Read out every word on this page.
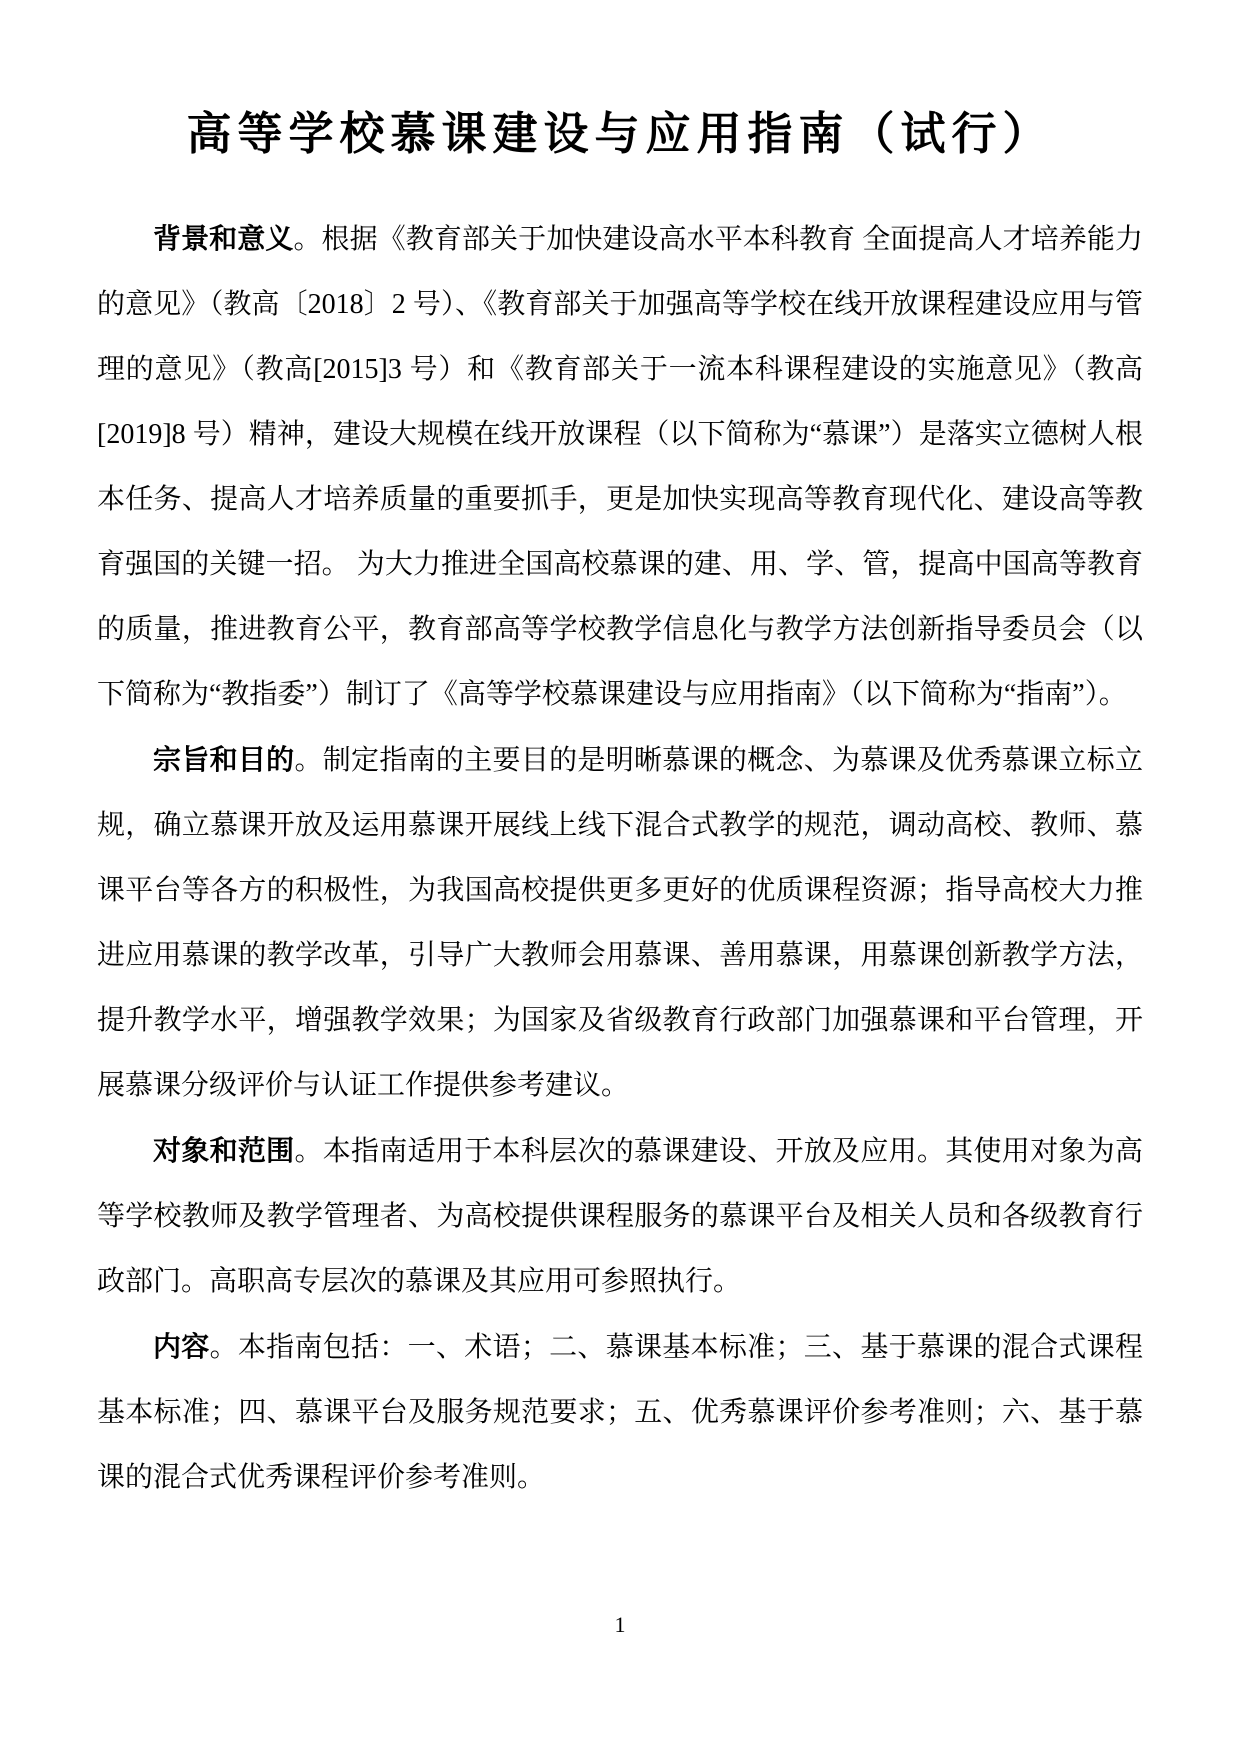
高等学校慕课建设与应用指南（试行）

背景和意义。根据《教育部关于加快建设高水平本科教育 全面提高人才培养能力的意见》（教高〔2018〕2 号）、《教育部关于加强高等学校在线开放课程建设应用与管理的意见》（教高[2015]3 号）和《教育部关于一流本科课程建设的实施意见》（教高[2019]8 号）精神，建设大规模在线开放课程（以下简称为“慕课”）是落实立德树人根本任务、提高人才培养质量的重要抓手，更是加快实现高等教育现代化、建设高等教育强国的关键一招。 为大力推进全国高校慕课的建、用、学、管，提高中国高等教育的质量，推进教育公平，教育部高等学校教学信息化与教学方法创新指导委员会（以下简称为“教指委”）制订了《高等学校慕课建设与应用指南》（以下简称为“指南”）。

宗旨和目的。制定指南的主要目的是明晰慕课的概念、为慕课及优秀慕课立标立规，确立慕课开放及运用慕课开展线上线下混合式教学的规范，调动高校、教师、慕课平台等各方的积极性，为我国高校提供更多更好的优质课程资源；指导高校大力推进应用慕课的教学改革，引导广大教师会用慕课、善用慕课，用慕课创新教学方法，提升教学水平，增强教学效果；为国家及省级教育行政部门加强慕课和平台管理，开展慕课分级评价与认证工作提供参考建议。

对象和范围。本指南适用于本科层次的慕课建设、开放及应用。其使用对象为高等学校教师及教学管理者、为高校提供课程服务的慕课平台及相关人员和各级教育行政部门。高职高专层次的慕课及其应用可参照执行。

内容。本指南包括：一、术语；二、慕课基本标准；三、基于慕课的混合式课程基本标准；四、慕课平台及服务规范要求；五、优秀慕课评价参考准则；六、基于慕课的混合式优秀课程评价参考准则。

1
